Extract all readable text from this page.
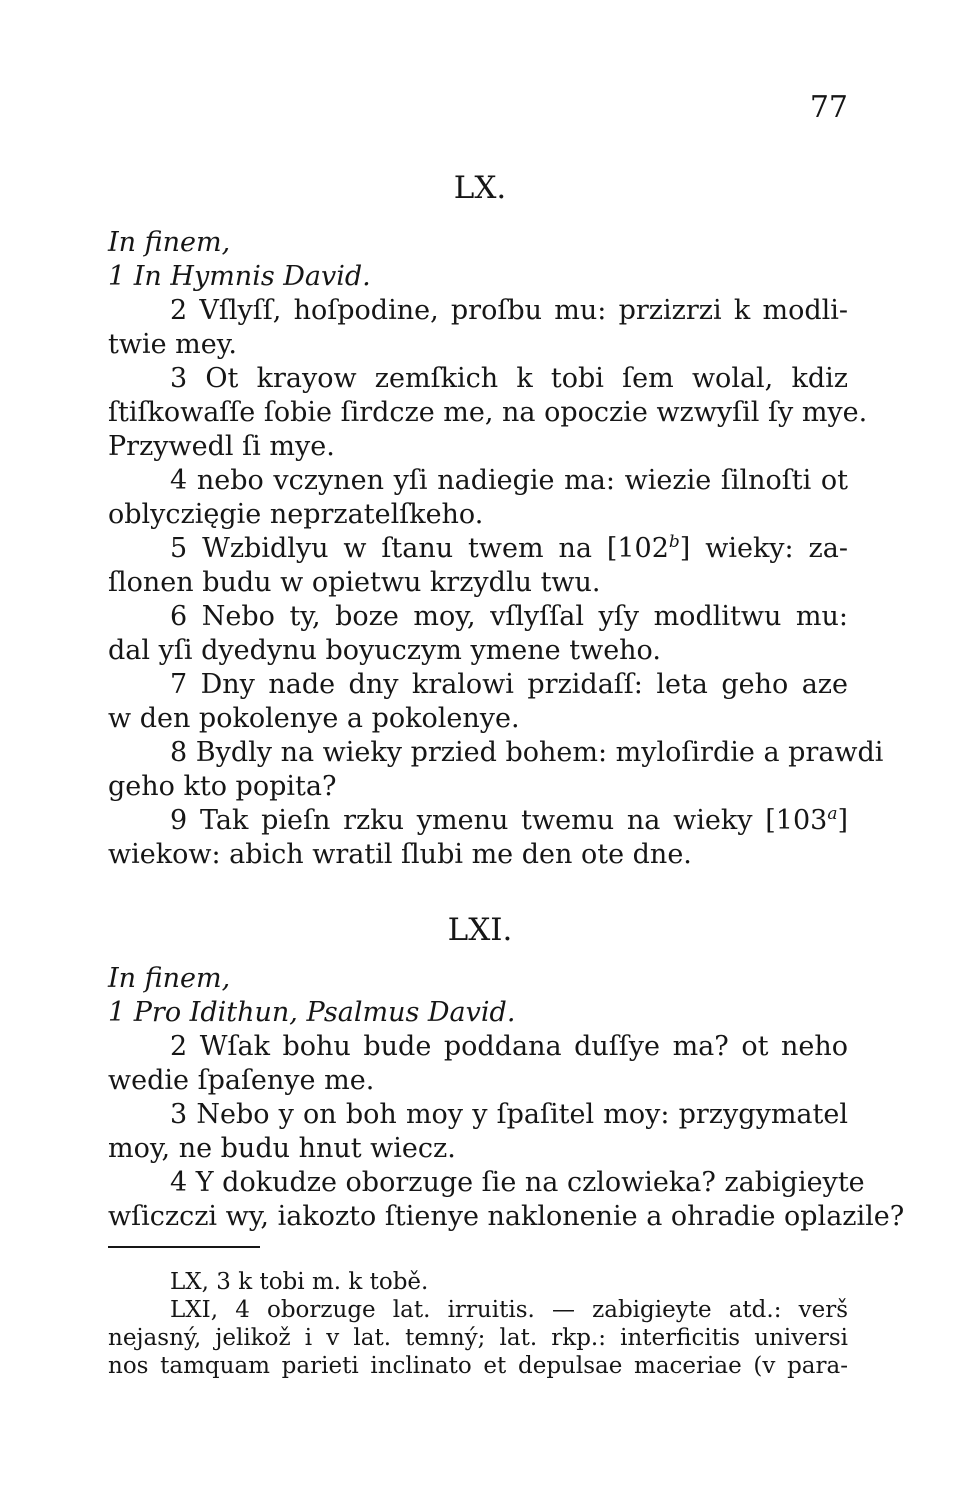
77
LX.
In finem,
1 In Hymnis David.
2 Vſlyſſ, hoſpodine, proſbu mu: przizrzi k modli-
twie mey.
3 Ot krayow zemſkich k tobi ſem wolal, kdiz
ſtiſkowaſſe ſobie ſirdcze me, na opoczie wzwyſil ſy mye.
Przywedl ſi mye.
4 nebo vczynen yſi nadiegie ma: wiezie ſilnoſti ot
oblyczięgie neprzatelſkeho.
5 Wzbidlyu w ſtanu twem na [102$^b$] wieky: za-
ſlonen budu w opietwu krzydlu twu.
6 Nebo ty, boze moy, vſlyſſal yſy modlitwu mu:
dal yſi dyedynu boyuczym ymene tweho.
7 Dny nade dny kralowi przidaſſ: leta geho aze
w den pokolenye a pokolenye.
8 Bydly na wieky przied bohem: myloſirdie a prawdi
geho kto popita?
9 Tak pieſn rzku ymenu twemu na wieky [103$^a$]
wiekow: abich wratil ſlubi me den ote dne.
LXI.
In finem,
1 Pro Idithun, Psalmus David.
2 Wſak bohu bude poddana duſſye ma? ot neho
wedie ſpaſenye me.
3 Nebo y on boh moy y ſpaſitel moy: przygymatel
moy, ne budu hnut wiecz.
4 Y dokudze oborzuge ſie na czlowieka? zabigieyte
wſiczczi wy, iakozto ſtienye naklonenie a ohradie oplazile?
LX, 3 k tobi m. k tobě.
LXI, 4 oborzuge lat. irruitis. — zabigieyte atd.: verš
nejasný, jelikož i v lat. temný; lat. rkp.: interficitis universi
nos tamquam parieti inclinato et depulsae maceriae (v para-
